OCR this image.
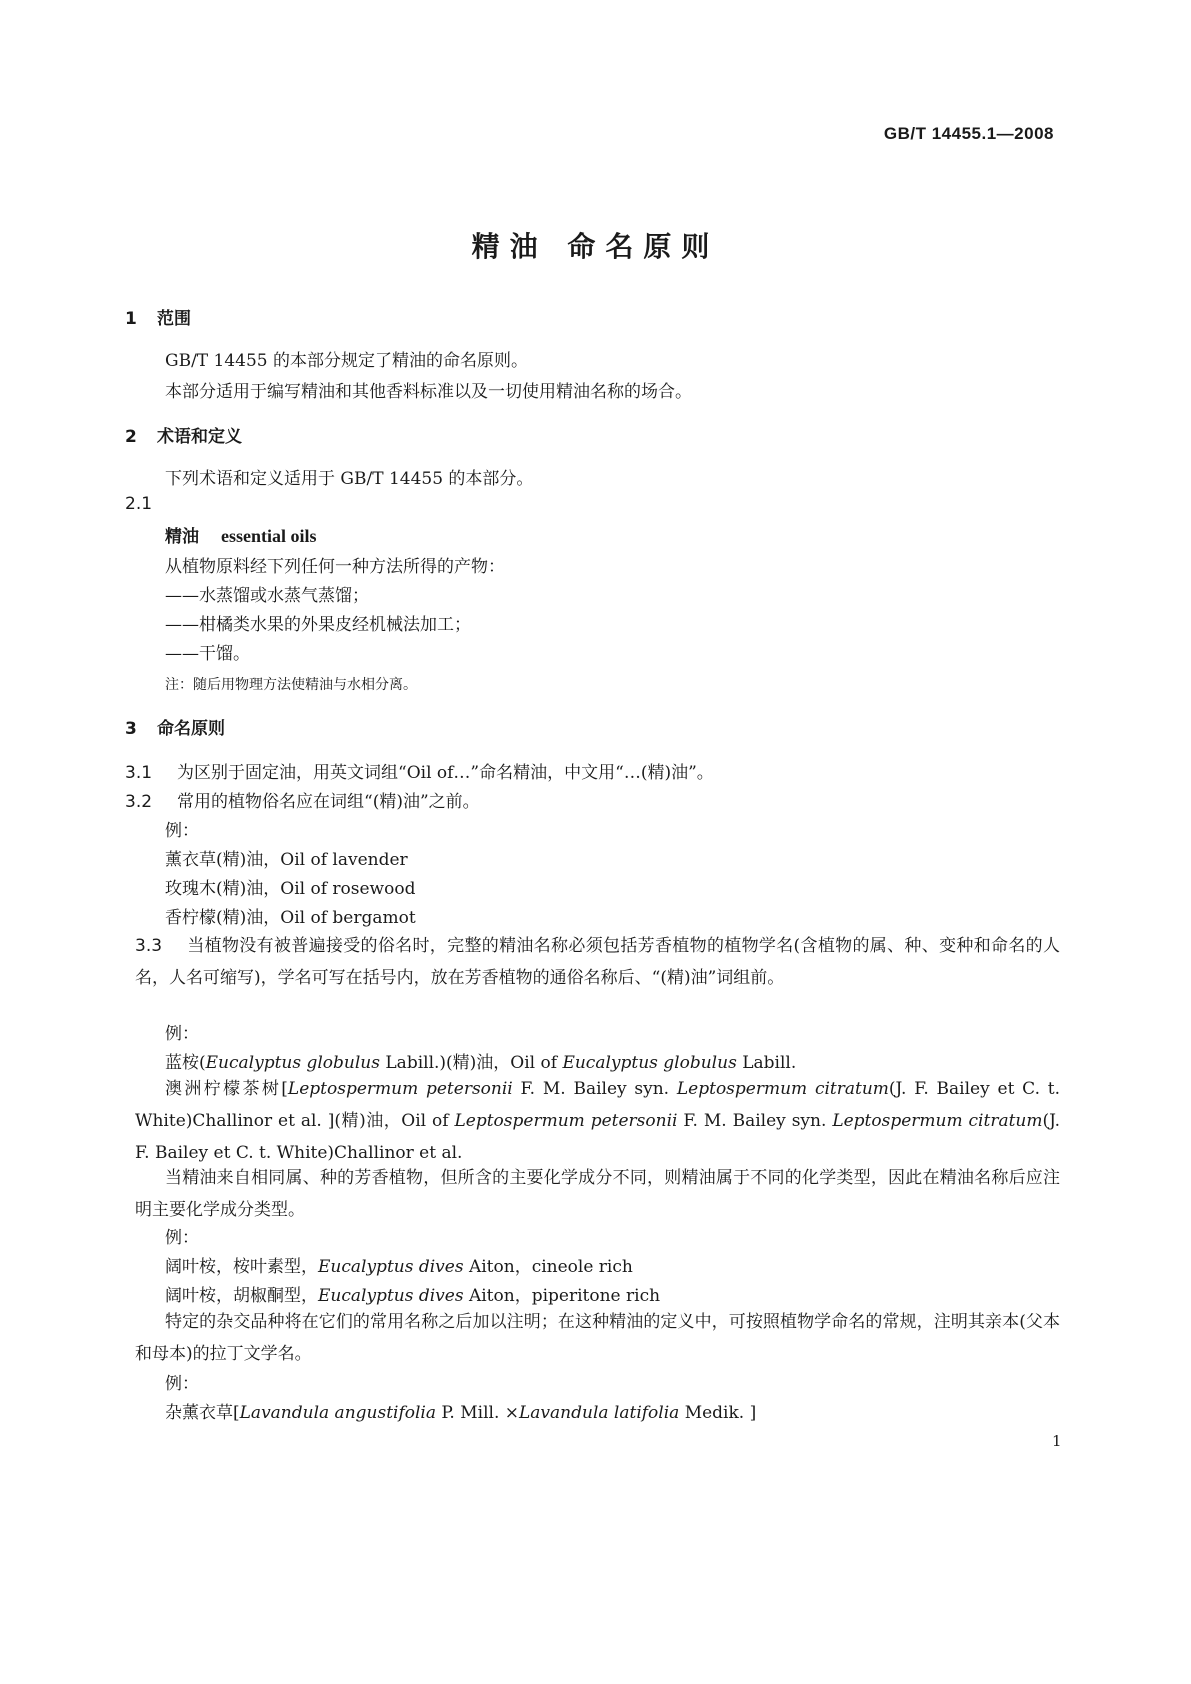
GB/T 14455.1—2008
精油 命名原则
1 范围
GB/T 14455 的本部分规定了精油的命名原则。
本部分适用于编写精油和其他香料标准以及一切使用精油名称的场合。
2 术语和定义
下列术语和定义适用于 GB/T 14455 的本部分。
2.1
精油 essential oils
从植物原料经下列任何一种方法所得的产物：
——水蒸馏或水蒸气蒸馏；
——柑橘类水果的外果皮经机械法加工；
——干馏。
注：随后用物理方法使精油与水相分离。
3 命名原则
3.1 为区别于固定油，用英文词组“Oil of…”命名精油，中文用“…(精)油”。
3.2 常用的植物俗名应在词组“(精)油”之前。
例：
薰衣草(精)油，Oil of lavender
玫瑰木(精)油，Oil of rosewood
香柠檬(精)油，Oil of bergamot
3.3 当植物没有被普遍接受的俗名时，完整的精油名称必须包括芳香植物的植物学名(含植物的属、种、变种和命名的人名，人名可缩写)，学名可写在括号内，放在芳香植物的通俗名称后、“(精)油”词组前。
例：
蓝桉(Eucalyptus globulus Labill.)(精)油，Oil of Eucalyptus globulus Labill.
澳洲柠檬茶树[Leptospermum petersonii F. M. Bailey syn. Leptospermum citratum(J. F. Bailey et C. t. White)Challinor et al. ](精)油，Oil of Leptospermum petersonii F. M. Bailey syn. Leptospermum citratum(J. F. Bailey et C. t. White)Challinor et al.
当精油来自相同属、种的芳香植物，但所含的主要化学成分不同，则精油属于不同的化学类型，因此在精油名称后应注明主要化学成分类型。
例：
阔叶桉，桉叶素型，Eucalyptus dives Aiton，cineole rich
阔叶桉，胡椒酮型，Eucalyptus dives Aiton，piperitone rich
特定的杂交品种将在它们的常用名称之后加以注明；在这种精油的定义中，可按照植物学命名的常规，注明其亲本(父本和母本)的拉丁文学名。
例：
杂薰衣草[Lavandula angustifolia P. Mill. ×Lavandula latifolia Medik. ]
1
